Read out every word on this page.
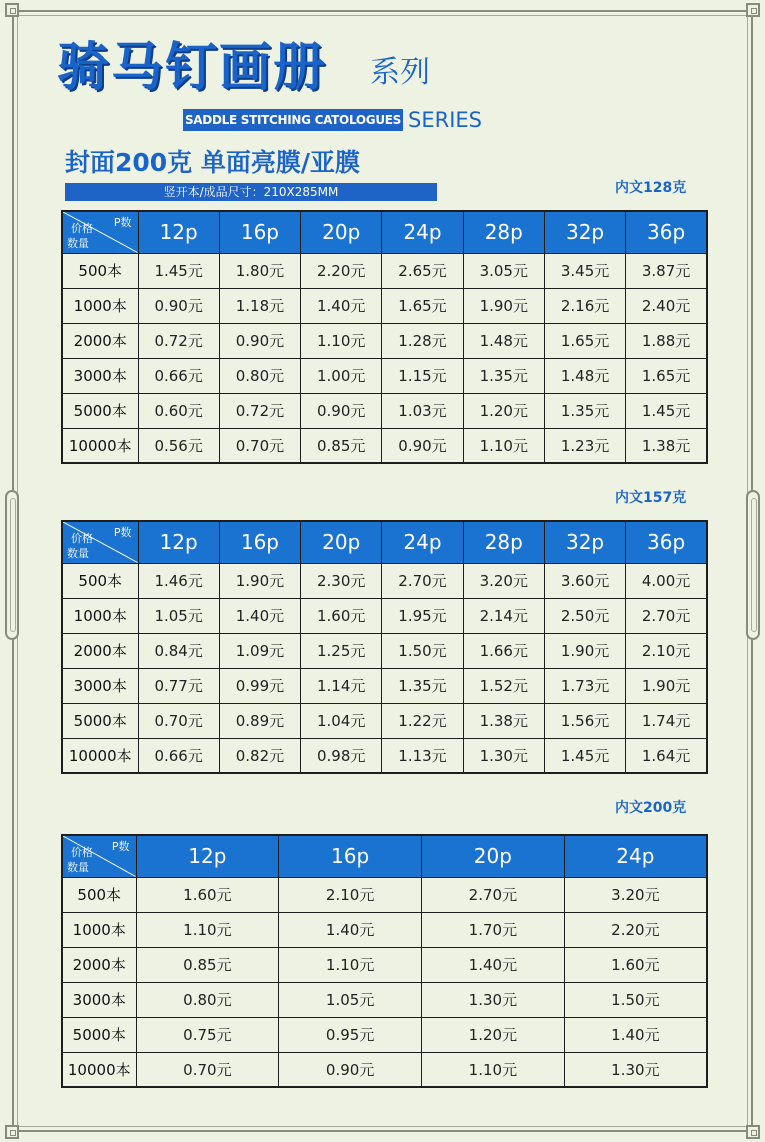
骑马钉画册 系列
SADDLE STITCHING CATOLOGUES SERIES
封面200克 单面亮膜/亚膜
竖开本/成品尺寸：210X285MM	内文128克
P数
价格
数量	12p	16p	20p	24p	28p	32p	36p
500本	1.45元	1.80元	2.20元	2.65元	3.05元	3.45元	3.87元
1000本	0.90元	1.18元	1.40元	1.65元	1.90元	2.16元	2.40元
2000本	0.72元	0.90元	1.10元	1.28元	1.48元	1.65元	1.88元
3000本	0.66元	0.80元	1.00元	1.15元	1.35元	1.48元	1.65元
5000本	0.60元	0.72元	0.90元	1.03元	1.20元	1.35元	1.45元
10000本	0.56元	0.70元	0.85元	0.90元	1.10元	1.23元	1.38元
内文157克
P数
价格
数量	12p	16p	20p	24p	28p	32p	36p
500本	1.46元	1.90元	2.30元	2.70元	3.20元	3.60元	4.00元
1000本	1.05元	1.40元	1.60元	1.95元	2.14元	2.50元	2.70元
2000本	0.84元	1.09元	1.25元	1.50元	1.66元	1.90元	2.10元
3000本	0.77元	0.99元	1.14元	1.35元	1.52元	1.73元	1.90元
5000本	0.70元	0.89元	1.04元	1.22元	1.38元	1.56元	1.74元
10000本	0.66元	0.82元	0.98元	1.13元	1.30元	1.45元	1.64元
内文200克
P数
价格
数量	12p	16p	20p	24p
500本	1.60元	2.10元	2.70元	3.20元
1000本	1.10元	1.40元	1.70元	2.20元
2000本	0.85元	1.10元	1.40元	1.60元
3000本	0.80元	1.05元	1.30元	1.50元
5000本	0.75元	0.95元	1.20元	1.40元
10000本	0.70元	0.90元	1.10元	1.30元
